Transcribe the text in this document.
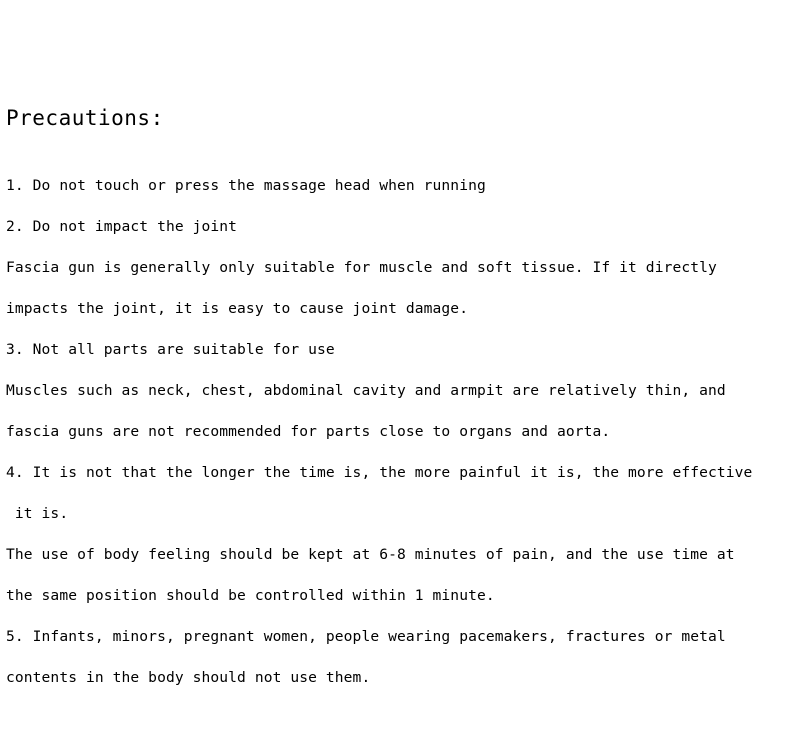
Precautions:
1. Do not touch or press the massage head when running
2. Do not impact the joint
Fascia gun is generally only suitable for muscle and soft tissue. If it directly
impacts the joint, it is easy to cause joint damage.
3. Not all parts are suitable for use
Muscles such as neck, chest, abdominal cavity and armpit are relatively thin, and
fascia guns are not recommended for parts close to organs and aorta.
4. It is not that the longer the time is, the more painful it is, the more effective
it is.
The use of body feeling should be kept at 6-8 minutes of pain, and the use time at
the same position should be controlled within 1 minute.
5. Infants, minors, pregnant women, people wearing pacemakers, fractures or metal
contents in the body should not use them.
